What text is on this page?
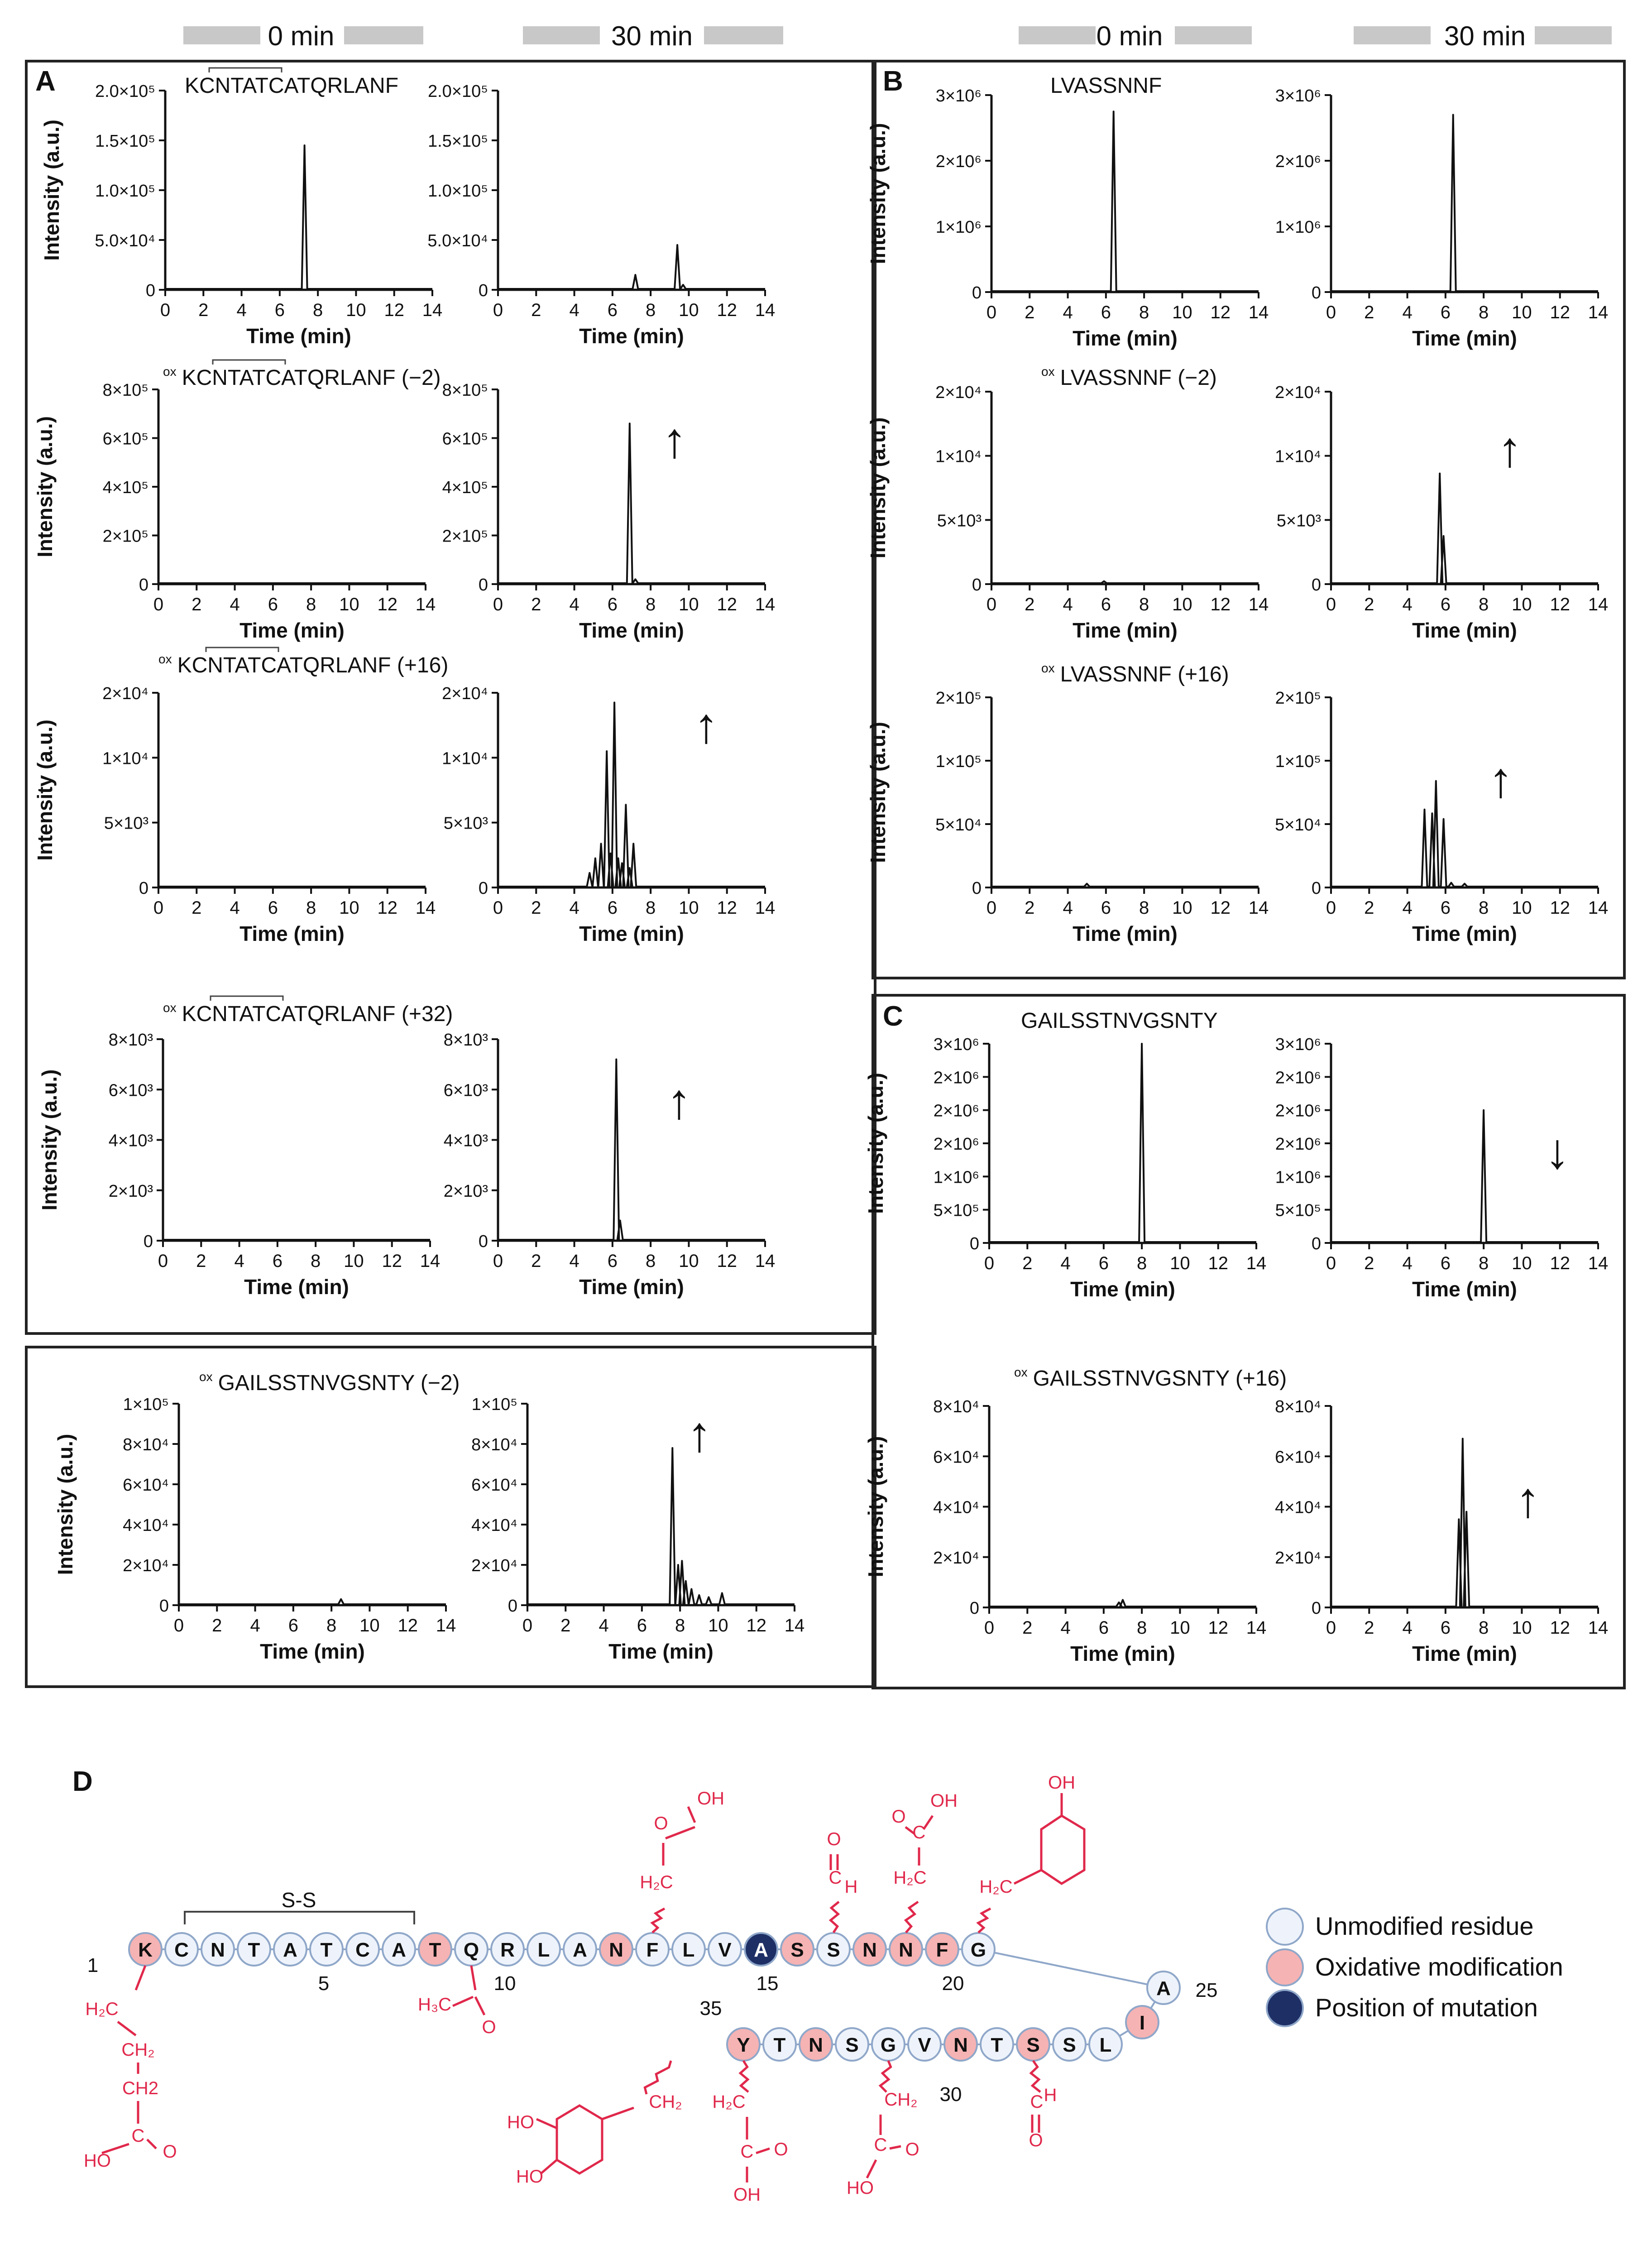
0 min	30 min	0 min	30 min
A	B
C
D
KCNTATCATQRLANF
$^{ox}$ KCNTATCATQRLANF (−2)
$^{ox}$ KCNTATCATQRLANF (+16)
$^{ox}$ KCNTATCATQRLANF (+32)
$^{ox}$ GAILSSTNVGSNTY (−2)
LVASSNNF
$^{ox}$ LVASSNNF (−2)
$^{ox}$ LVASSNNF (+16)
GAILSSTNVGSNTY
$^{ox}$ GAILSSTNVGSNTY (+16)
0 2 4 6 8 10 12 14
0
5.0×10⁴
1.0×10⁵
1.5×10⁵
2.0×10⁵
Time (min)
Intensity (a.u.)
0 2 4 6 8 10 12 14
0
5.0×10⁴
1.0×10⁵
1.5×10⁵
2.0×10⁵
Time (min)
0 2 4 6 8 10 12 14
0
2×10⁵
4×10⁵
6×10⁵
8×10⁵
Time (min)
Intensity (a.u.)
0 2 4 6 8 10 12 14
0
2×10⁵
4×10⁵
6×10⁵
8×10⁵
Time (min)
↑
0 2 4 6 8 10 12 14
0
5×10³
1×10⁴
2×10⁴
Time (min)
Intensity (a.u.)
0 2 4 6 8 10 12 14
0
5×10³
1×10⁴
2×10⁴
Time (min)
↑
0 2 4 6 8 10 12 14
0
2×10³
4×10³
6×10³
8×10³
Time (min)
Intensity (a.u.)
0 2 4 6 8 10 12 14
0
2×10³
4×10³
6×10³
8×10³
Time (min)
↑
0 2 4 6 8 10 12 14
0
2×10⁴
4×10⁴
6×10⁴
8×10⁴
1×10⁵
Time (min)
Intensity (a.u.)
0 2 4 6 8 10 12 14
0
2×10⁴
4×10⁴
6×10⁴
8×10⁴
1×10⁵
Time (min)
↑
0 2 4 6 8 10 12 14
0
1×10⁶
2×10⁶
3×10⁶
Time (min)
Intensity (a.u.)
0 2 4 6 8 10 12 14
0
1×10⁶
2×10⁶
3×10⁶
Time (min)
0 2 4 6 8 10 12 14
0
5×10³
1×10⁴
2×10⁴
Time (min)
Intensity (a.u.)
0 2 4 6 8 10 12 14
0
5×10³
1×10⁴
2×10⁴
Time (min)
↑
0 2 4 6 8 10 12 14
0
5×10⁴
1×10⁵
2×10⁵
Time (min)
Intensity (a.u.)
0 2 4 6 8 10 12 14
0
5×10⁴
1×10⁵
2×10⁵
Time (min)
↑
0 2 4 6 8 10 12 14
0
5×10⁵
1×10⁶
2×10⁶
2×10⁶
2×10⁶
3×10⁶
Time (min)
Intensity (a.u.)
0 2 4 6 8 10 12 14
0
5×10⁵
1×10⁶
2×10⁶
2×10⁶
2×10⁶
3×10⁶
Time (min)
↓
0 2 4 6 8 10 12 14
0
2×10⁴
4×10⁴
6×10⁴
8×10⁴
Time (min)
Intensity (a.u.)
0 2 4 6 8 10 12 14
0
2×10⁴
4×10⁴
6×10⁴
8×10⁴
Time (min)
↑
K C N T A T C A T Q R L A N F L V A S S N N F G
A
I
L
S
S
T
N
V
G
S
N
T
Y
1
5	10	15	20	25
30
35
S-S
H₂C
CH₂
CH2
C
HO	O
H₃C
O
H₂C
O
OH
C
O
H H₂C
C
O
OH
H₂C
OH
CH₂
HO
HO
H₂C
C O
OH
CH₂
C O
HO
C
O
H
Unmodified residue
Oxidative modification
Position of mutation
